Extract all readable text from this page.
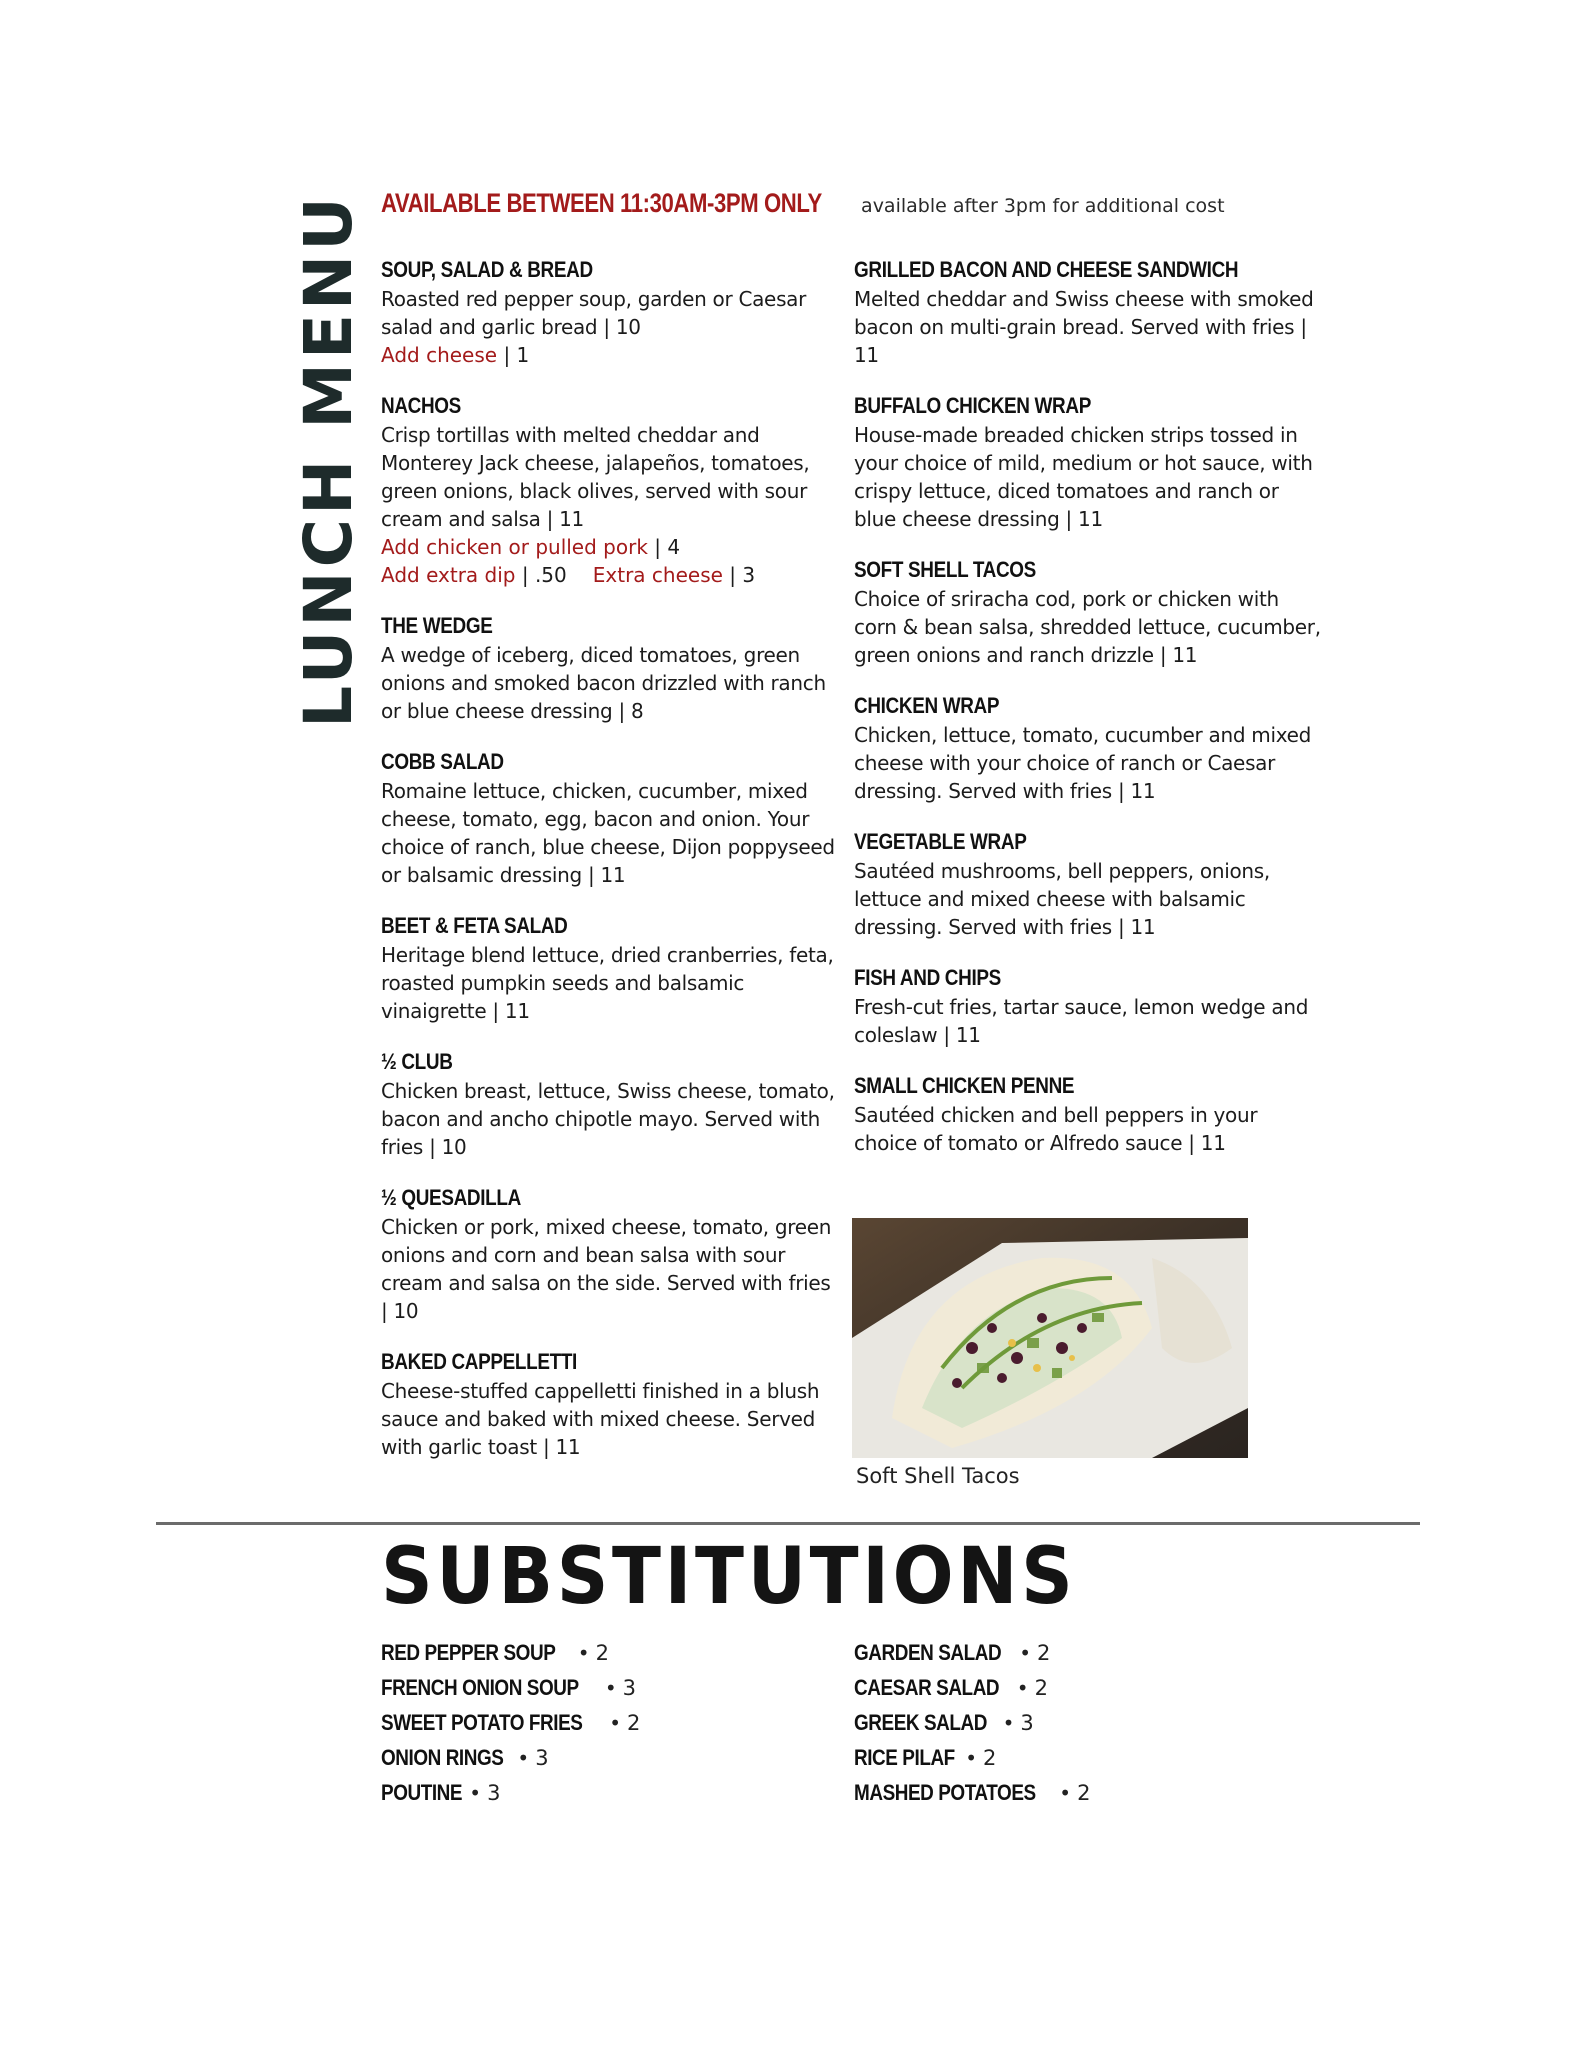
AVAILABLE BETWEEN 11:30AM-3PM ONLY available after 3pm for additional cost
LUNCH MENU SOUP, SALAD & BREAD
Roasted red pepper soup, garden or Caesar salad and garlic bread | 10
Add cheese | 1
NACHOS
Crisp tortillas with melted cheddar and Monterey Jack cheese, jalapeños, tomatoes, green onions, black olives, served with sour cream and salsa | 11
Add chicken or pulled pork | 4
Add extra dip | .50 Extra cheese | 3
THE WEDGE
A wedge of iceberg, diced tomatoes, green onions and smoked bacon drizzled with ranch or blue cheese dressing | 8
COBB SALAD
Romaine lettuce, chicken, cucumber, mixed cheese, tomato, egg, bacon and onion. Your choice of ranch, blue cheese, Dijon poppyseed or balsamic dressing | 11
BEET & FETA SALAD
Heritage blend lettuce, dried cranberries, feta, roasted pumpkin seeds and balsamic vinaigrette | 11
½ CLUB
Chicken breast, lettuce, Swiss cheese, tomato, bacon and ancho chipotle mayo. Served with fries | 10
½ QUESADILLA
Chicken or pork, mixed cheese, tomato, green onions and corn and bean salsa with sour cream and salsa on the side. Served with fries | 10
BAKED CAPPELLETTI
Cheese-stuffed cappelletti finished in a blush sauce and baked with mixed cheese. Served with garlic toast | 11
GRILLED BACON AND CHEESE SANDWICH
Melted cheddar and Swiss cheese with smoked bacon on multi-grain bread. Served with fries | 11
BUFFALO CHICKEN WRAP
House-made breaded chicken strips tossed in your choice of mild, medium or hot sauce, with crispy lettuce, diced tomatoes and ranch or blue cheese dressing | 11
SOFT SHELL TACOS
Choice of sriracha cod, pork or chicken with corn & bean salsa, shredded lettuce, cucumber, green onions and ranch drizzle | 11
CHICKEN WRAP
Chicken, lettuce, tomato, cucumber and mixed cheese with your choice of ranch or Caesar dressing. Served with fries | 11
VEGETABLE WRAP
Sautéed mushrooms, bell peppers, onions, lettuce and mixed cheese with balsamic dressing. Served with fries | 11
FISH AND CHIPS
Fresh-cut fries, tartar sauce, lemon wedge and coleslaw | 11
SMALL CHICKEN PENNE
Sautéed chicken and bell peppers in your choice of tomato or Alfredo sauce | 11
Soft Shell Tacos
SUBSTITUTIONS
RED PEPPER SOUP • 2
FRENCH ONION SOUP • 3
SWEET POTATO FRIES • 2
ONION RINGS • 3
POUTINE • 3
GARDEN SALAD • 2
CAESAR SALAD • 2
GREEK SALAD • 3
RICE PILAF • 2
MASHED POTATOES • 2
